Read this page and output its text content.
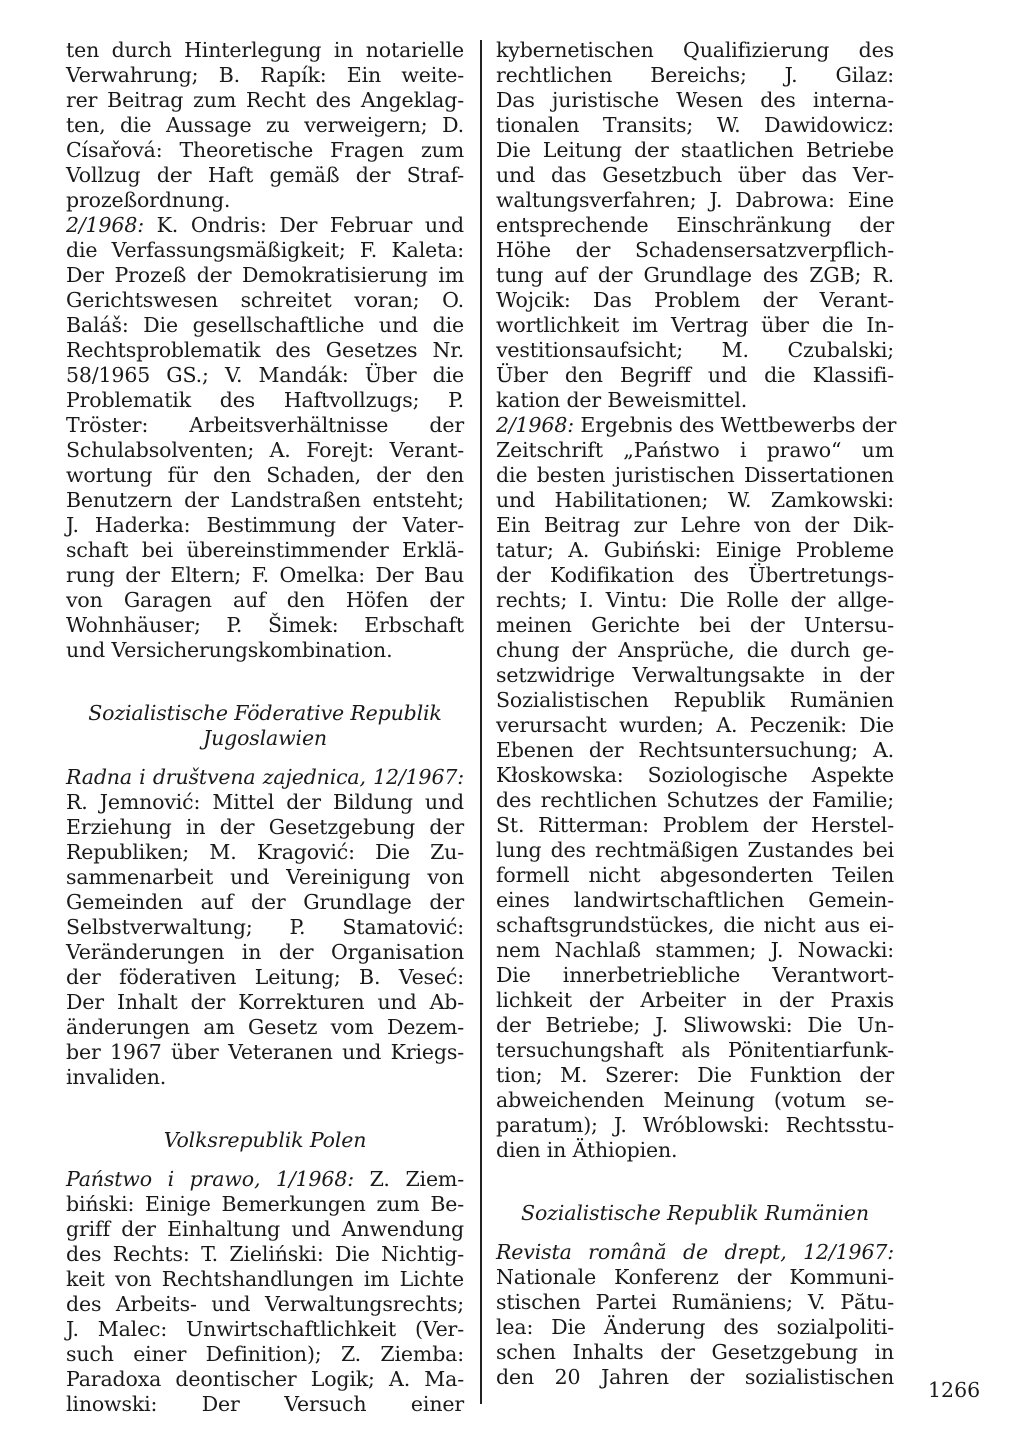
ten durch Hinterlegung in notarielle
Verwahrung; B. Rapík: Ein weite-
rer Beitrag zum Recht des Angeklag-
ten, die Aussage zu verweigern; D.
Císařová: Theoretische Fragen zum
Vollzug der Haft gemäß der Straf-
prozeßordnung.
2/1968: K. Ondris: Der Februar und
die Verfassungsmäßigkeit; F. Kaleta:
Der Prozeß der Demokratisierung im
Gerichtswesen schreitet voran; O.
Baláš: Die gesellschaftliche und die
Rechtsproblematik des Gesetzes Nr.
58/1965 GS.; V. Mandák: Über die
Problematik des Haftvollzugs; P.
Tröster: Arbeitsverhältnisse der
Schulabsolventen; A. Forejt: Verant-
wortung für den Schaden, der den
Benutzern der Landstraßen entsteht;
J. Haderka: Bestimmung der Vater-
schaft bei übereinstimmender Erklä-
rung der Eltern; F. Omelka: Der Bau
von Garagen auf den Höfen der
Wohnhäuser; P. Šimek: Erbschaft
und Versicherungskombination.
Sozialistische Föderative Republik
Jugoslawien
Radna i društvena zajednica, 12/1967:
R. Jemnović: Mittel der Bildung und
Erziehung in der Gesetzgebung der
Republiken; M. Kragović: Die Zu-
sammenarbeit und Vereinigung von
Gemeinden auf der Grundlage der
Selbstverwaltung; P. Stamatović:
Veränderungen in der Organisation
der föderativen Leitung; B. Veseć:
Der Inhalt der Korrekturen und Ab-
änderungen am Gesetz vom Dezem-
ber 1967 über Veteranen und Kriegs-
invaliden.
Volksrepublik Polen
Państwo i prawo, 1/1968: Z. Ziem-
biński: Einige Bemerkungen zum Be-
griff der Einhaltung und Anwendung
des Rechts: T. Zieliński: Die Nichtig-
keit von Rechtshandlungen im Lichte
des Arbeits- und Verwaltungsrechts;
J. Malec: Unwirtschaftlichkeit (Ver-
such einer Definition); Z. Ziemba:
Paradoxa deontischer Logik; A. Ma-
linowski: Der Versuch einer
kybernetischen Qualifizierung des
rechtlichen Bereichs; J. Gilaz:
Das juristische Wesen des interna-
tionalen Transits; W. Dawidowicz:
Die Leitung der staatlichen Betriebe
und das Gesetzbuch über das Ver-
waltungsverfahren; J. Dabrowa: Eine
entsprechende Einschränkung der
Höhe der Schadensersatzverpflich-
tung auf der Grundlage des ZGB; R.
Wojcik: Das Problem der Verant-
wortlichkeit im Vertrag über die In-
vestitionsaufsicht; M. Czubalski;
Über den Begriff und die Klassifi-
kation der Beweismittel.
2/1968: Ergebnis des Wettbewerbs der
Zeitschrift „Państwo i prawo“ um
die besten juristischen Dissertationen
und Habilitationen; W. Zamkowski:
Ein Beitrag zur Lehre von der Dik-
tatur; A. Gubiński: Einige Probleme
der Kodifikation des Übertretungs-
rechts; I. Vintu: Die Rolle der allge-
meinen Gerichte bei der Untersu-
chung der Ansprüche, die durch ge-
setzwidrige Verwaltungsakte in der
Sozialistischen Republik Rumänien
verursacht wurden; A. Peczenik: Die
Ebenen der Rechtsuntersuchung; A.
Kłoskowska: Soziologische Aspekte
des rechtlichen Schutzes der Familie;
St. Ritterman: Problem der Herstel-
lung des rechtmäßigen Zustandes bei
formell nicht abgesonderten Teilen
eines landwirtschaftlichen Gemein-
schaftsgrundstückes, die nicht aus ei-
nem Nachlaß stammen; J. Nowacki:
Die innerbetriebliche Verantwort-
lichkeit der Arbeiter in der Praxis
der Betriebe; J. Sliwowski: Die Un-
tersuchungshaft als Pönitentiarfunk-
tion; M. Szerer: Die Funktion der
abweichenden Meinung (votum se-
paratum); J. Wróblowski: Rechtsstu-
dien in Äthiopien.
Sozialistische Republik Rumänien
Revista română de drept, 12/1967:
Nationale Konferenz der Kommuni-
stischen Partei Rumäniens; V. Pătu-
lea: Die Änderung des sozialpoliti-
schen Inhalts der Gesetzgebung in
den 20 Jahren der sozialistischen
1266
